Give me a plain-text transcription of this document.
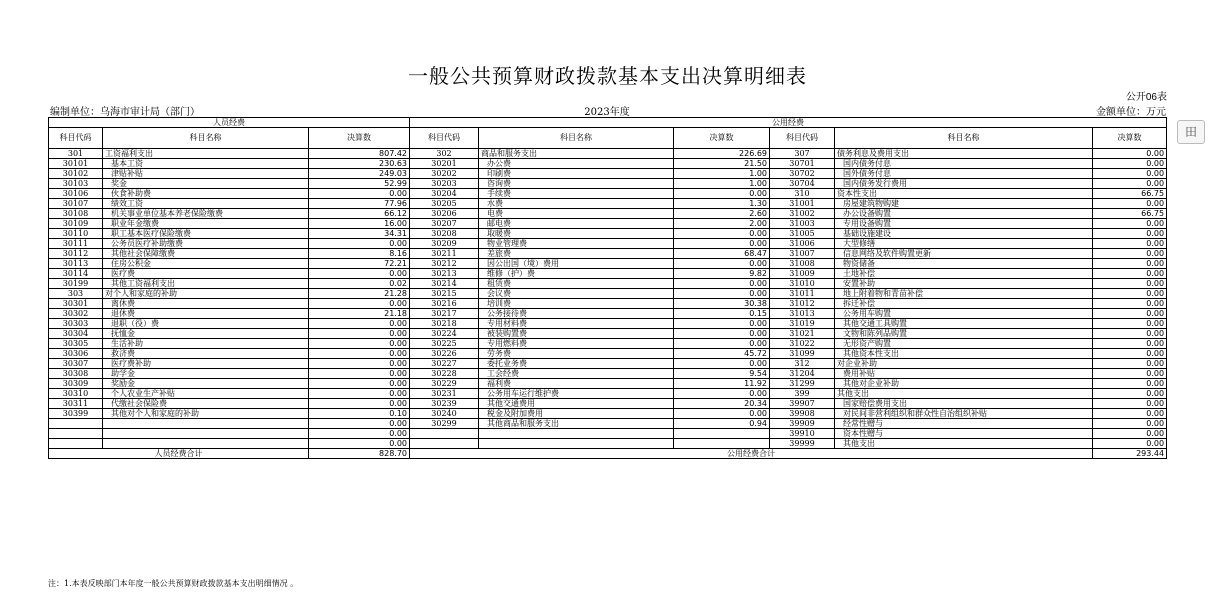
一般公共预算财政拨款基本支出决算明细表
公开06表
编制单位：乌海市审计局（部门）	2023年度	金额单位：万元
田
人员经费			公用经费					
科目代码	科目名称	决算数	科目代码	科目名称	决算数	科目代码	科目名称	决算数
301	工资福利支出	807.42	302	商品和服务支出	226.69	307	债务利息及费用支出	0.00
30101	基本工资	230.63	30201	办公费	21.50	30701	国内债务付息	0.00
30102	津贴补贴	249.03	30202	印刷费	1.00	30702	国外债务付息	0.00
30103	奖金	52.99	30203	咨询费	1.00	30704	国内债务发行费用	0.00
30106	伙食补助费	0.00	30204	手续费	0.00	310	资本性支出	66.75
30107	绩效工资	77.96	30205	水费	1.30	31001	房屋建筑物购建	0.00
30108	机关事业单位基本养老保险缴费	66.12	30206	电费	2.60	31002	办公设备购置	66.75
30109	职业年金缴费	16.00	30207	邮电费	2.00	31003	专用设备购置	0.00
30110	职工基本医疗保险缴费	34.31	30208	取暖费	0.00	31005	基础设施建设	0.00
30111	公务员医疗补助缴费	0.00	30209	物业管理费	0.00	31006	大型修缮	0.00
30112	其他社会保障缴费	8.16	30211	差旅费	68.47	31007	信息网络及软件购置更新	0.00
30113	住房公积金	72.21	30212	因公出国（境）费用	0.00	31008	物资储备	0.00
30114	医疗费	0.00	30213	维修（护）费	9.82	31009	土地补偿	0.00
30199	其他工资福利支出	0.02	30214	租赁费	0.00	31010	安置补助	0.00
303	对个人和家庭的补助	21.28	30215	会议费	0.00	31011	地上附着物和青苗补偿	0.00
30301	离休费	0.00	30216	培训费	30.38	31012	拆迁补偿	0.00
30302	退休费	21.18	30217	公务接待费	0.15	31013	公务用车购置	0.00
30303	退职（役）费	0.00	30218	专用材料费	0.00	31019	其他交通工具购置	0.00
30304	抚恤金	0.00	30224	被装购置费	0.00	31021	文物和陈列品购置	0.00
30305	生活补助	0.00	30225	专用燃料费	0.00	31022	无形资产购置	0.00
30306	救济费	0.00	30226	劳务费	45.72	31099	其他资本性支出	0.00
30307	医疗费补助	0.00	30227	委托业务费	0.00	312	对企业补助	0.00
30308	助学金	0.00	30228	工会经费	9.54	31204	费用补贴	0.00
30309	奖励金	0.00	30229	福利费	11.92	31299	其他对企业补助	0.00
30310	个人农业生产补贴	0.00	30231	公务用车运行维护费	0.00	399	其他支出	0.00
30311	代缴社会保险费	0.00	30239	其他交通费用	20.34	39907	国家赔偿费用支出	0.00
30399	其他对个人和家庭的补助	0.10	30240	税金及附加费用	0.00	39908	对民间非营利组织和群众性自治组织补贴	0.00
		0.00	30299	其他商品和服务支出	0.94	39909	经常性赠与	0.00
		0.00				39910	资本性赠与	0.00
		0.00				39999	其他支出	0.00
人员经费合计		828.70	公用经费合计					293.44
注：1.本表反映部门本年度一般公共预算财政拨款基本支出明细情况 。
